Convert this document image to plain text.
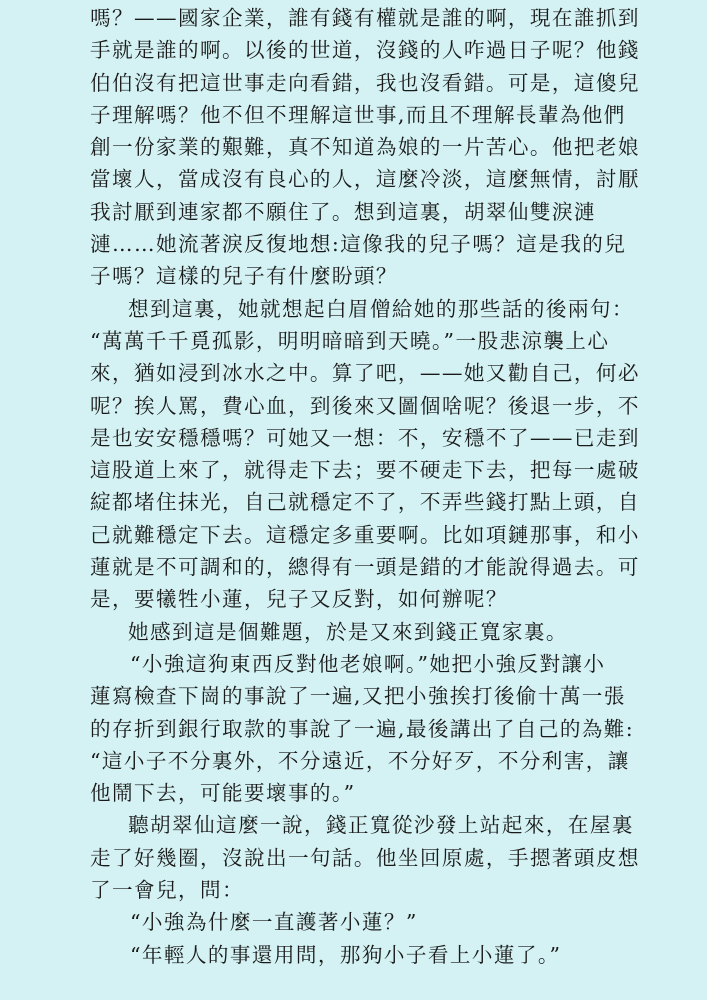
嗎？——國家企業，誰有錢有權就是誰的啊，現在誰抓到
手就是誰的啊。以後的世道，沒錢的人咋過日子呢？他錢
伯伯沒有把這世事走向看錯，我也沒看錯。可是，這傻兒
子理解嗎？他不但不理解這世事,而且不理解長輩為他們
創一份家業的艱難，真不知道為娘的一片苦心。他把老娘
當壞人，當成沒有良心的人，這麼冷淡，這麼無情，討厭
我討厭到連家都不願住了。想到這裏，胡翠仙雙淚漣
漣……她流著淚反復地想:這像我的兒子嗎？這是我的兒
子嗎？這樣的兒子有什麼盼頭？
想到這裏，她就想起白眉僧給她的那些話的後兩句：
“萬萬千千覓孤影，明明暗暗到天曉。”一股悲涼襲上心
來，猶如浸到冰水之中。算了吧，——她又勸自己，何必
呢？挨人罵，費心血，到後來又圖個啥呢？後退一步，不
是也安安穩穩嗎？可她又一想：不，安穩不了——已走到
這股道上來了，就得走下去；要不硬走下去，把每一處破
綻都堵住抹光，自己就穩定不了，不弄些錢打點上頭，自
己就難穩定下去。這穩定多重要啊。比如項鏈那事，和小
蓮就是不可調和的，總得有一頭是錯的才能說得過去。可
是，要犧牲小蓮，兒子又反對，如何辦呢？
她感到這是個難題，於是又來到錢正寬家裏。
“小強這狗東西反對他老娘啊。”她把小強反對讓小
蓮寫檢查下崗的事說了一遍,又把小強挨打後偷十萬一張
的存折到銀行取款的事說了一遍,最後講出了自己的為難:
“這小子不分裏外，不分遠近，不分好歹，不分利害，讓
他鬧下去，可能要壞事的。”
聽胡翠仙這麼一說，錢正寬從沙發上站起來，在屋裏
走了好幾圈，沒說出一句話。他坐回原處，手摁著頭皮想
了一會兒，問：
“小強為什麼一直護著小蓮？”
“年輕人的事還用問，那狗小子看上小蓮了。”
